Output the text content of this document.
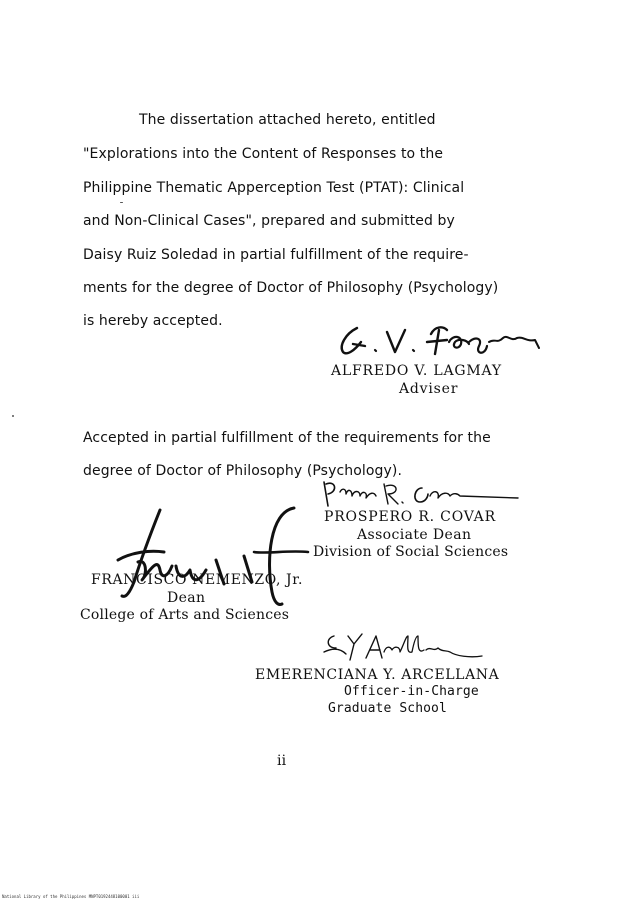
The dissertation attached hereto, entitled
"Explorations into the Content of Responses to the
Philippine Thematic Apperception Test (PTAT): Clinical
and Non-Clinical Cases", prepared and submitted by
Daisy Ruiz Soledad in partial fulfillment of the require-
ments for the degree of Doctor of Philosophy (Psychology)
is hereby accepted.
ALFREDO V. LAGMAY
Adviser
Accepted in partial fulfillment of the requirements for the
degree of Doctor of Philosophy (Psychology).
PROSPERO R. COVAR
Associate Dean
Division of Social Sciences
FRANCISCO NEMENZO, Jr.
Dean
College of Arts and Sciences
EMERENCIANA Y. ARCELLANA
Officer-in-Charge
Graduate School
ii
National Library of the Philippines MNPT0192448100001 iii
